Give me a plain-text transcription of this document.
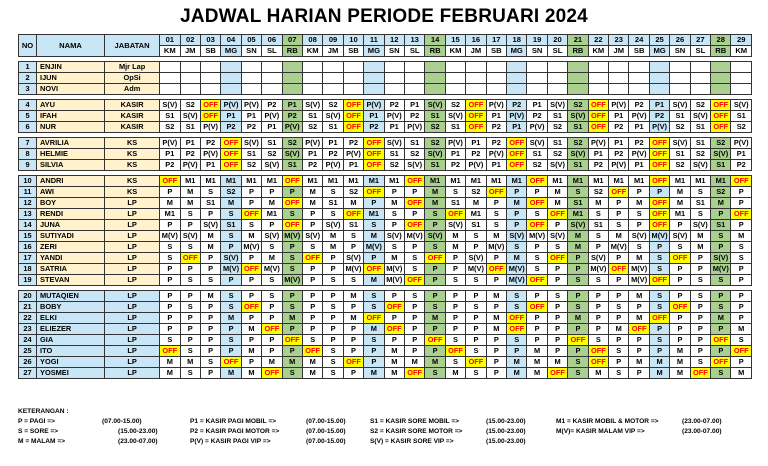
JADWAL HARIAN PERIODE FEBRUARI 2024
NO	NAMA	JABATAN	01	02	03	04	05	06	07	08	09	10	11	12	13	14	15	16	17	18	19	20	21	22	23	24	25	26	27	28	29
			KM	JM	SB	MG	SN	SL	RB	KM	JM	SB	MG	SN	SL	RB	KM	JM	SB	MG	SN	SL	RB	KM	JM	SB	MG	SN	SL	RB	KM

1	ENJIN	Mjr Lap																													
2	IJUN	OpSi																													
3	NOVI	Adm																													

4	AYU	KASIR	S(V)	S2	OFF	P(V)	P(V)	P2	P1	S(V)	S2	OFF	P(V)	P2	P1	S(V)	S2	OFF	P(V)	P2	P1	S(V)	S2	OFF	P(V)	P2	P1	S(V)	S2	OFF	S(V)
5	IFAH	KASIR	S1	S(V)	OFF	P1	P1	P(V)	P2	S1	S(V)	OFF	P1	P(V)	P2	S1	S(V)	OFF	P1	P(V)	P2	S1	S(V)	OFF	P1	P(V)	P2	S1	S(V)	OFF	S1
6	NUR	KASIR	S2	S1	P(V)	P2	P2	P1	P(V)	S2	S1	OFF	P2	P1	P(V)	S2	S1	OFF	P2	P1	P(V)	S2	S1	OFF	P2	P1	P(V)	S2	S1	OFF	S2

7	AVRILIA	KS	P(V)	P1	P2	OFF	S(V)	S1	S2	P(V)	P1	P2	OFF	S(V)	S1	S2	P(V)	P1	P2	OFF	S(V)	S1	S2	P(V)	P1	P2	OFF	S(V)	S1	S2	P(V)
8	HELMIE	KS	P1	P2	P(V)	OFF	S1	S2	S(V)	P1	P2	P(V)	OFF	S1	S2	S(V)	P1	P2	P(V)	OFF	S1	S2	S(V)	P1	P2	P(V)	OFF	S1	S2	S(V)	P1
9	SILVIA	KS	P2	P(V)	P1	OFF	S2	S(V)	S1	P2	P(V)	P1	OFF	S2	S(V)	S1	P2	P(V)	P1	OFF	S2	S(V)	S1	P2	P(V)	P1	OFF	S2	S(V)	S1	P2

10	ANDRI	KS	OFF	M1	M1	M1	M1	M1	OFF	M1	M1	M1	M1	M1	OFF	M1	M1	M1	M1	M1	OFF	M1	M1	M1	M1	M1	OFF	M1	M1	M1	OFF
11	AWI	KS	P	M	S	S2	P	P	P	M	S	S2	OFF	P	P	M	S	S2	OFF	P	P	M	S	S2	OFF	P	P	M	S	S2	P
12	BOY	LP	M	M	S1	M	P	M	OFF	M	S1	M	P	M	OFF	M	S1	M	P	M	OFF	M	S1	M	P	M	OFF	M	S1	M	P
13	RENDI	LP	M1	S	P	S	OFF	M1	S	P	S	OFF	M1	S	P	S	OFF	M1	S	P	S	OFF	M1	S	P	S	OFF	M1	S	P	OFF
14	JUNA	LP	P	P	S(V)	S1	S	P	OFF	P	S(V)	S1	S	P	OFF	P	S(V)	S1	S	P	OFF	P	S(V)	S1	S	P	OFF	P	S(V)	S1	P
15	SUTIYADI	LP	M(V)	S(V)	M	S	M	S(V)	M(V)	S(V)	M	S	M	S(V)	M(V)	S(V)	M	S	M	S(V)	M(V)	S(V)	M	S	M	S(V)	M(V)	S(V)	M	S	M
16	ZERI	LP	S	S	M	P	M(V)	S	P	S	M	P	M(V)	S	P	S	M	P	M(V)	S	P	S	M	P	M(V)	S	P	S	M	P	S
17	YANDI	LP	S	OFF	P	S(V)	P	M	S	OFF	P	S(V)	P	M	S	OFF	P	S(V)	P	M	S	OFF	P	S(V)	P	M	S	OFF	P	S(V)	S
18	SATRIA	LP	P	P	P	M(V)	OFF	M(V)	S	P	P	M(V)	OFF	M(V)	S	P	P	M(V)	OFF	M(V)	S	P	P	M(V)	OFF	M(V)	S	P	P	M(V)	P
19	STEVAN	LP	P	S	S	P	P	S	M(V)	P	S	S	M	M(V)	OFF	P	S	S	P	M(V)	OFF	P	S	S	P	M(V)	OFF	P	S	S	P

20	MUTAQIEN	LP	P	P	M	S	P	S	P	P	P	M	S	P	S	P	P	P	M	S	P	S	P	P	P	M	S	P	S	P	P
21	BOBY	LP	P	S	P	S	OFF	P	S	P	S	P	S	OFF	P	S	P	S	P	S	OFF	P	S	P	S	P	S	OFF	P	S	P
22	ELKI	LP	P	P	P	M	P	P	M	P	P	M	OFF	P	P	M	P	P	M	OFF	P	P	M	P	P	M	OFF	P	P	M	P
23	ELIEZER	LP	P	P	P	P	M	OFF	P	P	P	P	M	OFF	P	P	P	P	M	OFF	P	P	P	P	M	OFF	P	P	P	P	M
24	GIA	LP	S	P	P	S	P	P	OFF	S	P	P	S	P	P	OFF	S	P	P	S	P	P	OFF	S	P	P	S	P	P	OFF	S
25	ITO	LP	OFF	S	P	P	M	P	P	OFF	S	P	P	M	P	P	OFF	S	P	P	M	P	P	OFF	S	P	P	M	P	P	OFF
26	YOGI	LP	M	M	S	OFF	P	M	M	M	S	OFF	P	M	M	M	S	OFF	P	M	M	M	S	OFF	P	M	M	M	S	OFF	P
27	YOSMEI	LP	M	S	P	M	M	OFF	S	M	S	P	M	M	OFF	S	M	S	P	M	M	OFF	S	M	S	P	M	M	OFF	S	M
KETERANGAN :
P = PAGI =>	(07.00-15.00)
S = SORE =>	(15.00-23.00)
M = MALAM =>	(23.00-07.00)
P1 = KASIR PAGI MOBIL =>	(07.00-15.00)
P2 = KASIR PAGI MOTOR =>	(07.00-15.00)
P(V) = KASIR PAGI VIP =>	(07.00-15.00)
S1 = KASIR SORE MOBIL =>	(15.00-23.00)
S2 = KASIR SORE MOTOR =>	(15.00-23.00)
S(V) = KASIR SORE VIP =>	(15.00-23.00)
M1 = KASIR MOBIL & MOTOR =>	(23.00-07.00)
M(V)= KASIR MALAM VIP =>	(23.00-07.00)
